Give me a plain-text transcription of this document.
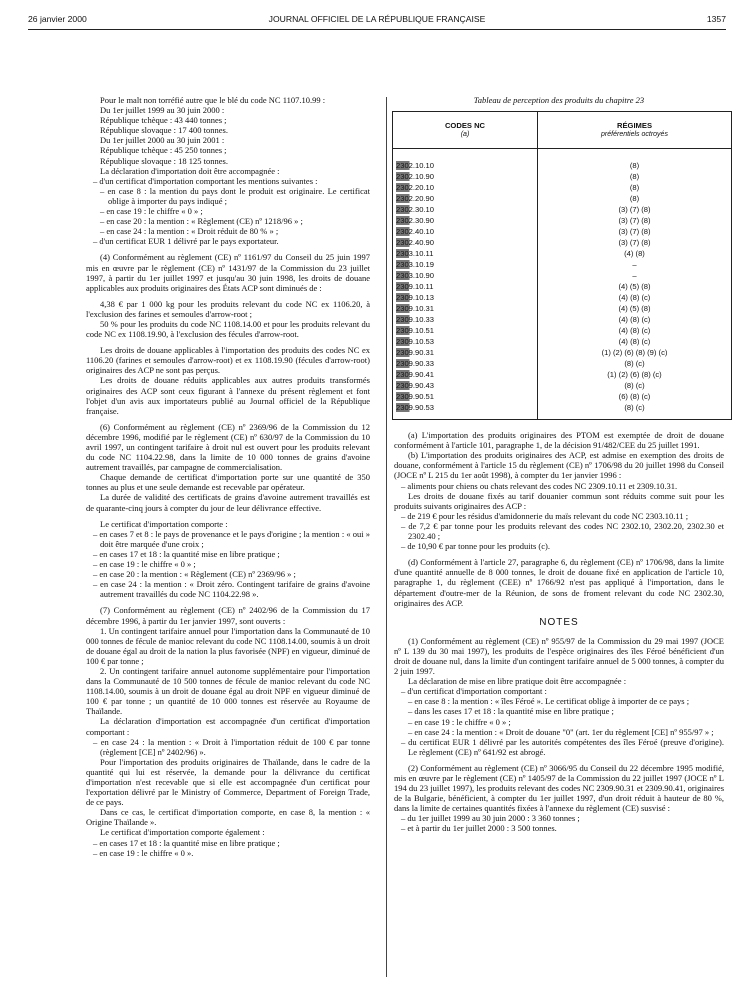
26 janvier 2000	JOURNAL OFFICIEL DE LA RÉPUBLIQUE FRANÇAISE	1357

Pour le malt non torréfié autre que le blé du code NC 1107.10.99 :

Du 1er juillet 1999 au 30 juin 2000 :

République tchèque : 43 440 tonnes ;

République slovaque : 17 400 tonnes.

Du 1er juillet 2000 au 30 juin 2001 :

République tchèque : 45 250 tonnes ;

République slovaque : 18 125 tonnes.

La déclaration d'importation doit être accompagnée :

– d'un certificat d'importation comportant les mentions suivantes :

– en case 8 : la mention du pays dont le produit est originaire. Le certificat oblige à importer du pays indiqué ;

– en case 19 : le chiffre « 0 » ;

– en case 20 : la mention : « Règlement (CE) nº 1218/96 » ;

– en case 24 : la mention : « Droit réduit de 80 % » ;

– d'un certificat EUR 1 délivré par le pays exportateur.

(4) Conformément au règlement (CE) nº 1161/97 du Conseil du 25 juin 1997 mis en œuvre par le règlement (CE) nº 1431/97 de la Commission du 23 juillet 1997, à partir du 1er juillet 1997 et jusqu'au 30 juin 1998, les droits de douane applicables aux produits originaires des États ACP sont diminués de :

4,38 € par 1 000 kg pour les produits relevant du code NC ex 1106.20, à l'exclusion des farines et semoules d'arrow-root ;

50 % pour les produits du code NC 1108.14.00 et pour les produits relevant du code NC ex 1108.19.90, à l'exclusion des fécules d'arrow-root.

Les droits de douane applicables à l'importation des produits des codes NC ex 1106.20 (farines et semoules d'arrow-root) et ex 1108.19.90 (fécules d'arrow-root) originaires des ACP ne sont pas perçus.

Les droits de douane réduits applicables aux autres produits transformés originaires des ACP sont ceux figurant à l'annexe du présent règlement et font l'objet d'un avis aux importateurs publié au Journal officiel de la République française.

(6) Conformément au règlement (CE) nº 2369/96 de la Commission du 12 décembre 1996, modifié par le règlement (CE) nº 630/97 de la Commission du 10 avril 1997, un contingent tarifaire à droit nul est ouvert pour les produits relevant du code NC 1104.22.98, dans la limite de 10 000 tonnes de grains d'avoine autrement travaillés, par campagne de commercialisation.

Chaque demande de certificat d'importation porte sur une quantité de 350 tonnes au plus et une seule demande est recevable par opérateur.

La durée de validité des certificats de grains d'avoine autrement travaillés est de quarante-cinq jours à compter du jour de leur délivrance effective.

Le certificat d'importation comporte :

– en cases 7 et 8 : le pays de provenance et le pays d'origine ; la mention : « oui » doit être marquée d'une croix ;

– en cases 17 et 18 : la quantité mise en libre pratique ;

– en case 19 : le chiffre « 0 » ;

– en case 20 : la mention : « Règlement (CE) nº 2369/96 » ;

– en case 24 : la mention : « Droit zéro. Contingent tarifaire de grains d'avoine autrement travaillés du code NC 1104.22.98 ».

(7) Conformément au règlement (CE) nº 2402/96 de la Commission du 17 décembre 1996, à partir du 1er janvier 1997, sont ouverts :

1. Un contingent tarifaire annuel pour l'importation dans la Communauté de 10 000 tonnes de fécule de manioc relevant du code NC 1108.14.00, soumis à un droit de douane égal au droit de la nation la plus favorisée (NPF) en vigueur, diminué de 100 € par tonne ;

2. Un contingent tarifaire annuel autonome supplémentaire pour l'importation dans la Communauté de 10 500 tonnes de fécule de manioc relevant du code NC 1108.14.00, soumis à un droit de douane égal au droit NPF en vigueur diminué de 100 € par tonne ; un quantité de 10 000 tonnes est réservée au Royaume de Thaïlande.

La déclaration d'importation est accompagnée d'un certificat d'importation comportant :

– en case 24 : la mention : « Droit à l'importation réduit de 100 € par tonne (règlement [CE] nº 2402/96) ».

Pour l'importation des produits originaires de Thaïlande, dans le cadre de la quantité qui lui est réservée, la demande pour la délivrance du certificat d'importation n'est recevable que si elle est accompagnée d'un certificat pour l'exportation délivré par le Ministry of Commerce, Department of Foreign Trade, de ce pays.

Dans ce cas, le certificat d'importation comporte, en case 8, la mention : « Origine Thaïlande ».

Le certificat d'importation comporte également :

– en cases 17 et 18 : la quantité mise en libre pratique ;

– en case 19 : le chiffre « 0 ».

Tableau de perception des produits du chapitre 23

CODES NC
(a)	RÉGIMES
préférentiels octroyés

2302.10.10	(8)
2302.10.90	(8)
2302.20.10	(8)
2302.20.90	(8)
2302.30.10	(3) (7) (8)
2302.30.90	(3) (7) (8)
2302.40.10	(3) (7) (8)
2302.40.90	(3) (7) (8)
2303.10.11	(4) (8)
2303.10.19	–
2303.10.90	–
2309.10.11	(4) (5) (8)
2309.10.13	(4) (8) (c)
2309.10.31	(4) (5) (8)
2309.10.33	(4) (8) (c)
2309.10.51	(4) (8) (c)
2309.10.53	(4) (8) (c)
2309.90.31	(1) (2) (6) (8) (9) (c)
2309.90.33	(8) (c)
2309.90.41	(1) (2) (6) (8) (c)
2309.90.43	(8) (c)
2309.90.51	(6) (8) (c)
2309.90.53	(8) (c)

(a) L'importation des produits originaires des PTOM est exemptée de droit de douane conformément à l'article 101, paragraphe 1, de la décision 91/482/CEE du 25 juillet 1991.

(b) L'importation des produits originaires des ACP, est admise en exemption des droits de douane, conformément à l'article 15 du règlement (CE) nº 1706/98 du 20 juillet 1998 du Conseil (JOCE nº L 215 du 1er août 1998), à compter du 1er janvier 1996 :

– aliments pour chiens ou chats relevant des codes NC 2309.10.11 et 2309.10.31.

Les droits de douane fixés au tarif douanier commun sont réduits comme suit pour les produits suivants originaires des ACP :

– de 219 € pour les résidus d'amidonnerie du maïs relevant du code NC 2303.10.11 ;

– de 7,2 € par tonne pour les produits relevant des codes NC 2302.10, 2302.20, 2302.30 et 2302.40 ;

– de 10,90 € par tonne pour les produits (c).

(d) Conformément à l'article 27, paragraphe 6, du règlement (CE) nº 1706/98, dans la limite d'une quantité annuelle de 8 000 tonnes, le droit de douane fixé en application de l'article 10, paragraphe 1, du règlement (CEE) nº 1766/92 n'est pas appliqué à l'importation, dans le département d'outre-mer de la Réunion, de sons de froment relevant du code NC 2302.30, originaires des ACP.

NOTES

(1) Conformément au règlement (CE) nº 955/97 de la Commission du 29 mai 1997 (JOCE nº L 139 du 30 mai 1997), les produits de l'espèce originaires des îles Féroé bénéficient d'un droit de douane nul, dans la limite d'un contingent tarifaire annuel de 5 000 tonnes, à compter du 2 juin 1997.

La déclaration de mise en libre pratique doit être accompagnée :

– d'un certificat d'importation comportant :

– en case 8 : la mention : « îles Féroé ». Le certificat oblige à importer de ce pays ;

– dans les cases 17 et 18 : la quantité mise en libre pratique ;

– en case 19 : le chiffre « 0 » ;

– en case 24 : la mention : « Droit de douane "0" (art. 1er du règlement [CE] nº 955/97 » ;

– du certificat EUR 1 délivré par les autorités compétentes des îles Féroé (preuve d'origine). Le règlement (CE) nº 641/92 est abrogé.

(2) Conformément au règlement (CE) nº 3066/95 du Conseil du 22 décembre 1995 modifié, mis en œuvre par le règlement (CE) nº 1405/97 de la Commission du 22 juillet 1997 (JOCE nº L 194 du 23 juillet 1997), les produits relevant des codes NC 2309.90.31 et 2309.90.41, originaires de la Bulgarie, bénéficient, à compter du 1er juillet 1997, d'un droit réduit à hauteur de 80 %, dans la limite de certaines quantités fixées à l'annexe du règlement (CE) susvisé :

– du 1er juillet 1999 au 30 juin 2000 : 3 360 tonnes ;

– et à partir du 1er juillet 2000 : 3 500 tonnes.
